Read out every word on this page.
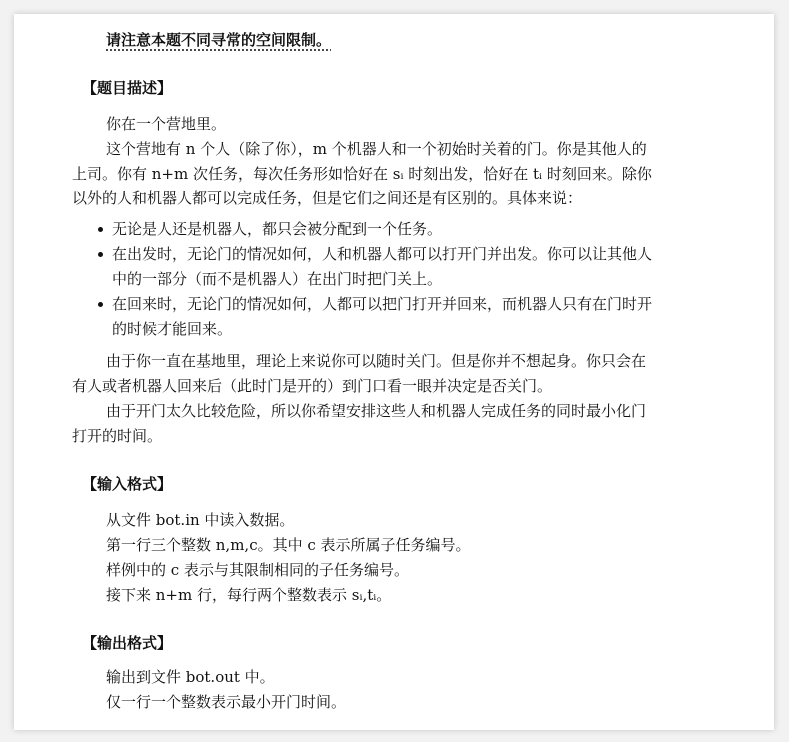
请注意本题不同寻常的空间限制。
【题目描述】
你在一个营地里。
这个营地有 n 个人（除了你），m 个机器人和一个初始时关着的门。你是其他人的
上司。你有 n+m 次任务，每次任务形如恰好在 sᵢ 时刻出发，恰好在 tᵢ 时刻回来。除你
以外的人和机器人都可以完成任务，但是它们之间还是有区别的。具体来说：
无论是人还是机器人，都只会被分配到一个任务。
在出发时，无论门的情况如何，人和机器人都可以打开门并出发。你可以让其他人
中的一部分（而不是机器人）在出门时把门关上。
在回来时，无论门的情况如何，人都可以把门打开并回来，而机器人只有在门时开
的时候才能回来。
由于你一直在基地里，理论上来说你可以随时关门。但是你并不想起身。你只会在
有人或者机器人回来后（此时门是开的）到门口看一眼并决定是否关门。
由于开门太久比较危险，所以你希望安排这些人和机器人完成任务的同时最小化门
打开的时间。
【输入格式】
从文件 bot.in 中读入数据。
第一行三个整数 n,m,c。其中 c 表示所属子任务编号。
样例中的 c 表示与其限制相同的子任务编号。
接下来 n+m 行，每行两个整数表示 sᵢ,tᵢ。
【输出格式】
输出到文件 bot.out 中。
仅一行一个整数表示最小开门时间。
